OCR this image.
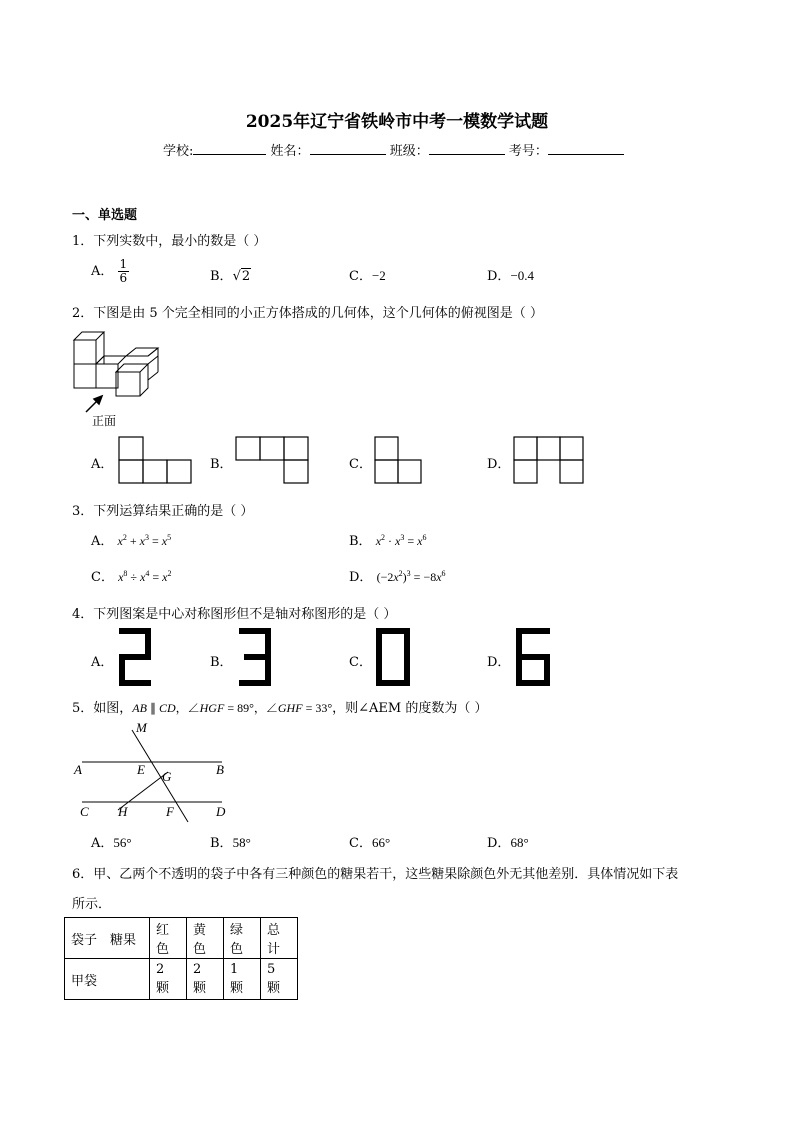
2025年辽宁省铁岭市中考一模数学试题
学校:	姓名：	班级：	考号：
一、单选题
1．下列实数中，最小的数是（ ）
A． $\frac{1}{6}$	B．√2	C．−2	D．−0.4
2．下图是由 5 个完全相同的小正方体搭成的几何体，这个几何体的俯视图是（ ）
正面
A．	B．	C．	D．
3．下列运算结果正确的是（ ）
A． $x^2 + x^3 = x^5$	B． $x^2 \cdot x^3 = x^6$
C． $x^8 \div x^4 = x^2$	D． $(-2x^2)^3 = -8x^6$
4．下列图案是中心对称图形但不是轴对称图形的是（ ）
A．	B．	C．	D．
5．如图，AB ∥ CD，∠HGF = 89°，∠GHF = 33°，则∠AEM 的度数为（ ）
M
A	E G	B
C H	F	D
A．56°	B．58°	C．66°	D．68°
6．甲、乙两个不透明的袋子中各有三种颜色的糖果若干，这些糖果除颜色外无其他差别．具体情况如下表
所示．
袋子　糖果	红色	黄色	绿色	总计
甲袋	2 颗	2 颗	1 颗	5 颗
